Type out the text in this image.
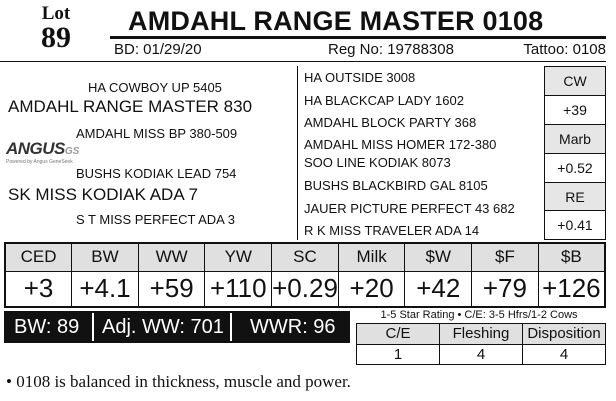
Lot
89	AMDAHL RANGE MASTER 0108
BD: 01/29/20	Reg No: 19788308	Tattoo: 0108
HA COWBOY UP 5405
AMDAHL RANGE MASTER 830
AMDAHL MISS BP 380-509
ANGUSGS
Powered by Angus GeneSeek
BUSHS KODIAK LEAD 754
SK MISS KODIAK ADA 7
S T MISS PERFECT ADA 3
HA OUTSIDE 3008
HA BLACKCAP LADY 1602
AMDAHL BLOCK PARTY 368
AMDAHL MISS HOMER 172-380
SOO LINE KODIAK 8073
BUSHS BLACKBIRD GAL 8105
JAUER PICTURE PERFECT 43 682
R K MISS TRAVELER ADA 14
CW
+39
Marb
+0.52
RE
+0.41
CED	BW	WW	YW	SC	Milk	$W	$F	$B
+3	+4.1	+59	+110	+0.29	+20	+42	+79	+126
BW: 89	Adj. WW: 701	WWR: 96
1-5 Star Rating • C/E: 3-5 Hfrs/1-2 Cows
C/E	Fleshing	Disposition
1	4	4
• 0108 is balanced in thickness, muscle and power.
